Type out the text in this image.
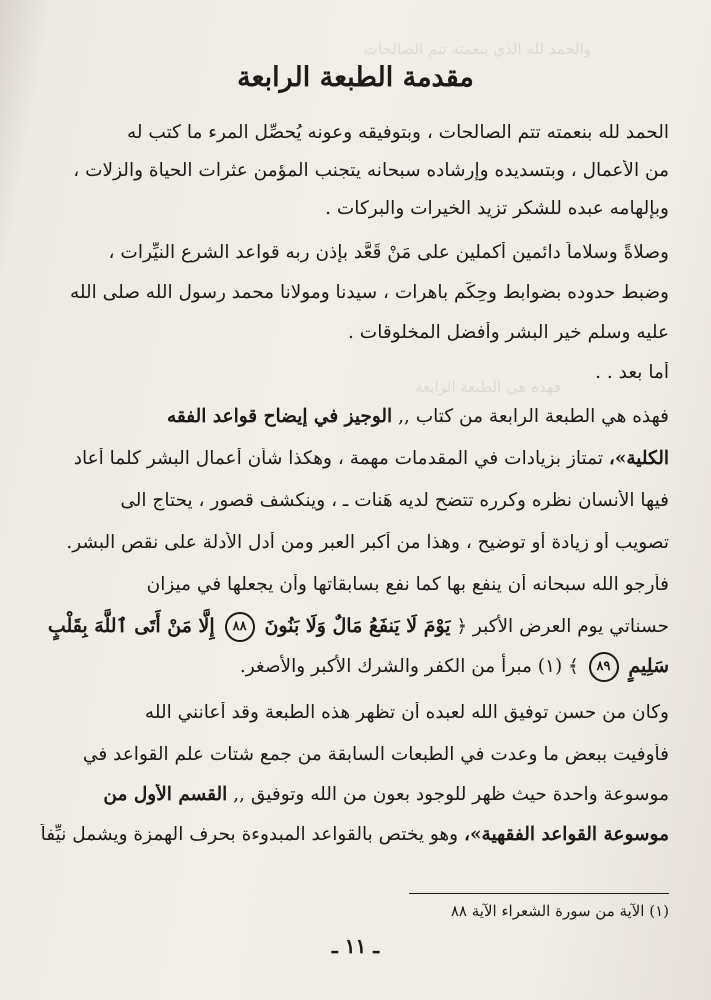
والحمد لله الذي بنعمته تتم الصالحات
فهذه هي الطبعة الرابعة
مقدمة الطبعة الرابعة
الحمد لله بنعمته تتم الصالحات ، وبتوفيقه وعونه يُحصِّل المرء ما كتب له
من الأعمال ، وبتسديده وإرشاده سبحانه يتجنب المؤمن عثرات الحياة والزلات ،
وبإلهامه عبده للشكر تزيد الخيرات والبركات .
وصلاةً وسلاماً دائمين أكملين على مَنْ قَعَّد بإذن ربه قواعد الشرع النيِّرات ،
وضبط حدوده بضوابط وحِكَم باهرات ، سيدنا ومولانا محمد رسول الله صلى الله
عليه وسلم خير البشر وأفضل المخلوقات .
أما بعد . .
فهذه هي الطبعة الرابعة من كتاب ,, الوجيز في إيضاح قواعد الفقه
الكلية»، تمتاز بزيادات في المقدمات مهمة ، وهكذا شأن أعمال البشر كلما أعاد
فيها الأنسان نظره وكرره تتضح لديه هَنات ـ ، وينكشف قصور ، يحتاج الى
تصويب أو زيادة أو توضيح ، وهذا من أكبر العبر ومن أدل الأدلة على نقص البشر.
فأرجو الله سبحانه أن ينفع بها كما نفع بسابقاتها وأن يجعلها في ميزان
حسناتي يوم العرض الأكبر ﴿ يَوْمَ لَا يَنفَعُ مَالٌ وَلَا بَنُونَ ٨٨ إِلَّا مَنْ أَتَى ٱللَّهَ بِقَلْبٍ
سَلِيمٍ ٨٩ ﴾ (١) مبرأ من الكفر والشرك الأكبر والأصغر.
وكان من حسن توفيق الله لعبده أن تظهر هذه الطبعة وقد أعانني الله
فأوفيت ببعض ما وعدت في الطبعات السابقة من جمع شتات علم القواعد في
موسوعة واحدة حيث ظهر للوجود بعون من الله وتوفيق ,, القسم الأول من
موسوعة القواعد الفقهية»، وهو يختص بالقواعد المبدوءة بحرف الهمزة ويشمل نيِّفاً
(١) الآية من سورة الشعراء الآية ٨٨
ـ ١١ ـ
